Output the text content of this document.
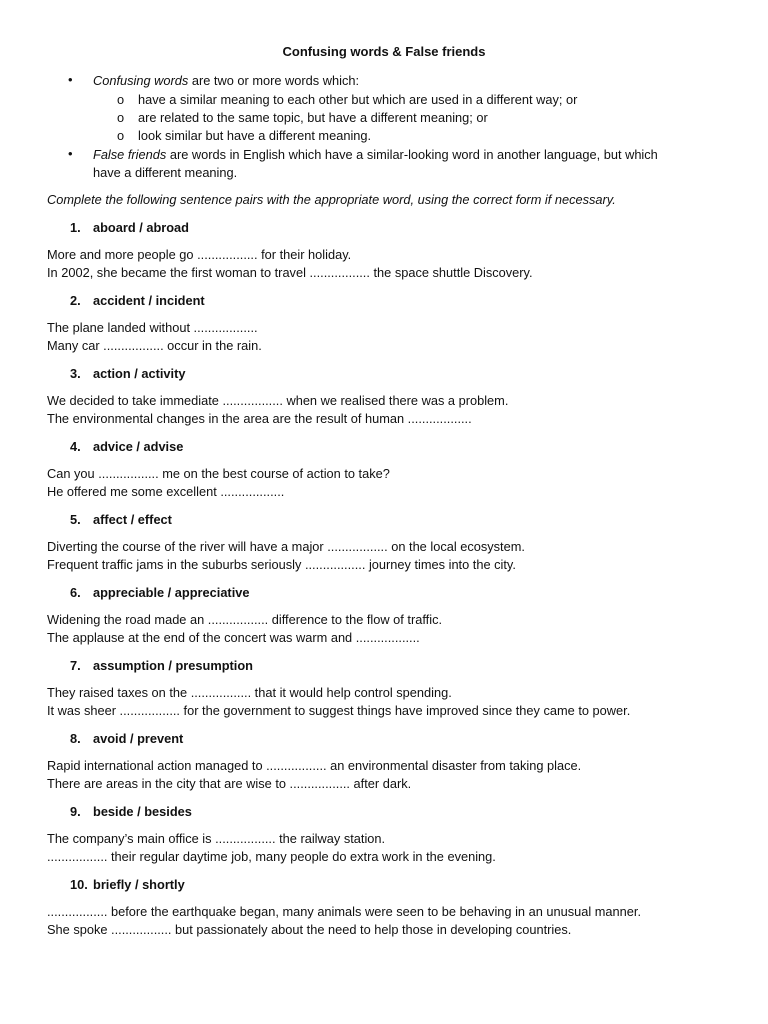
Confusing words & False friends
• Confusing words are two or more words which:
o have a similar meaning to each other but which are used in a different way; or
o are related to the same topic, but have a different meaning; or
o look similar but have a different meaning.
• False friends are words in English which have a similar-looking word in another language, but which
have a different meaning.
Complete the following sentence pairs with the appropriate word, using the correct form if necessary.
1. aboard / abroad
More and more people go ................. for their holiday.
In 2002, she became the first woman to travel ................. the space shuttle Discovery.
2. accident / incident
The plane landed without ..................
Many car ................. occur in the rain.
3. action / activity
We decided to take immediate ................. when we realised there was a problem.
The environmental changes in the area are the result of human ..................
4. advice / advise
Can you ................. me on the best course of action to take?
He offered me some excellent ..................
5. affect / effect
Diverting the course of the river will have a major ................. on the local ecosystem.
Frequent traffic jams in the suburbs seriously ................. journey times into the city.
6. appreciable / appreciative
Widening the road made an ................. difference to the flow of traffic.
The applause at the end of the concert was warm and ..................
7. assumption / presumption
They raised taxes on the ................. that it would help control spending.
It was sheer ................. for the government to suggest things have improved since they came to power.
8. avoid / prevent
Rapid international action managed to ................. an environmental disaster from taking place.
There are areas in the city that are wise to ................. after dark.
9. beside / besides
The company’s main office is ................. the railway station.
................. their regular daytime job, many people do extra work in the evening.
10. briefly / shortly
................. before the earthquake began, many animals were seen to be behaving in an unusual manner.
She spoke ................. but passionately about the need to help those in developing countries.
